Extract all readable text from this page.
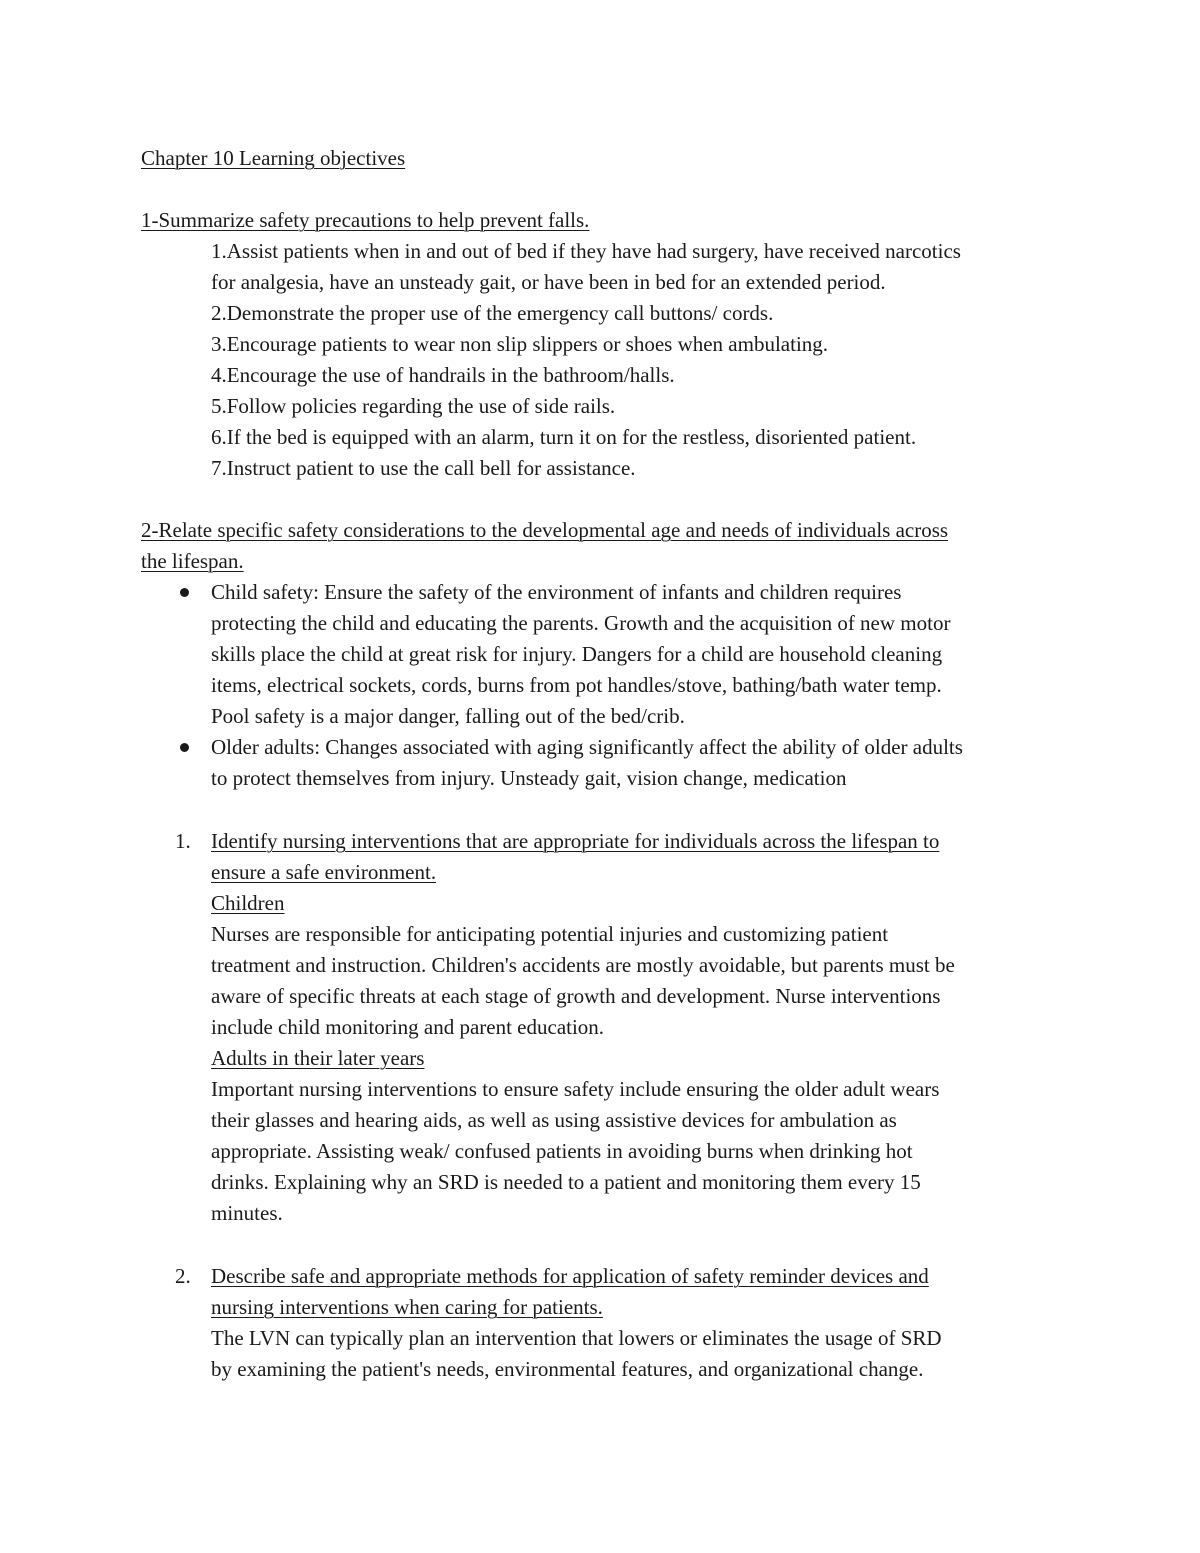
Chapter 10 Learning objectives
1-Summarize safety precautions to help prevent falls.
1.Assist patients when in and out of bed if they have had surgery, have received narcotics
for analgesia, have an unsteady gait, or have been in bed for an extended period.
2.Demonstrate the proper use of the emergency call buttons/ cords.
3.Encourage patients to wear non slip slippers or shoes when ambulating.
4.Encourage the use of handrails in the bathroom/halls.
5.Follow policies regarding the use of side rails.
6.If the bed is equipped with an alarm, turn it on for the restless, disoriented patient.
7.Instruct patient to use the call bell for assistance.
2-Relate specific safety considerations to the developmental age and needs of individuals across
the lifespan.
Child safety: Ensure the safety of the environment of infants and children requires
protecting the child and educating the parents. Growth and the acquisition of new motor
skills place the child at great risk for injury. Dangers for a child are household cleaning
items, electrical sockets, cords, burns from pot handles/stove, bathing/bath water temp.
Pool safety is a major danger, falling out of the bed/crib.
Older adults: Changes associated with aging significantly affect the ability of older adults
to protect themselves from injury. Unsteady gait, vision change, medication
1. Identify nursing interventions that are appropriate for individuals across the lifespan to
ensure a safe environment.
Children
Nurses are responsible for anticipating potential injuries and customizing patient
treatment and instruction. Children's accidents are mostly avoidable, but parents must be
aware of specific threats at each stage of growth and development. Nurse interventions
include child monitoring and parent education.
Adults in their later years
Important nursing interventions to ensure safety include ensuring the older adult wears
their glasses and hearing aids, as well as using assistive devices for ambulation as
appropriate. Assisting weak/ confused patients in avoiding burns when drinking hot
drinks. Explaining why an SRD is needed to a patient and monitoring them every 15
minutes.
2. Describe safe and appropriate methods for application of safety reminder devices and
nursing interventions when caring for patients.
The LVN can typically plan an intervention that lowers or eliminates the usage of SRD
by examining the patient's needs, environmental features, and organizational change.
